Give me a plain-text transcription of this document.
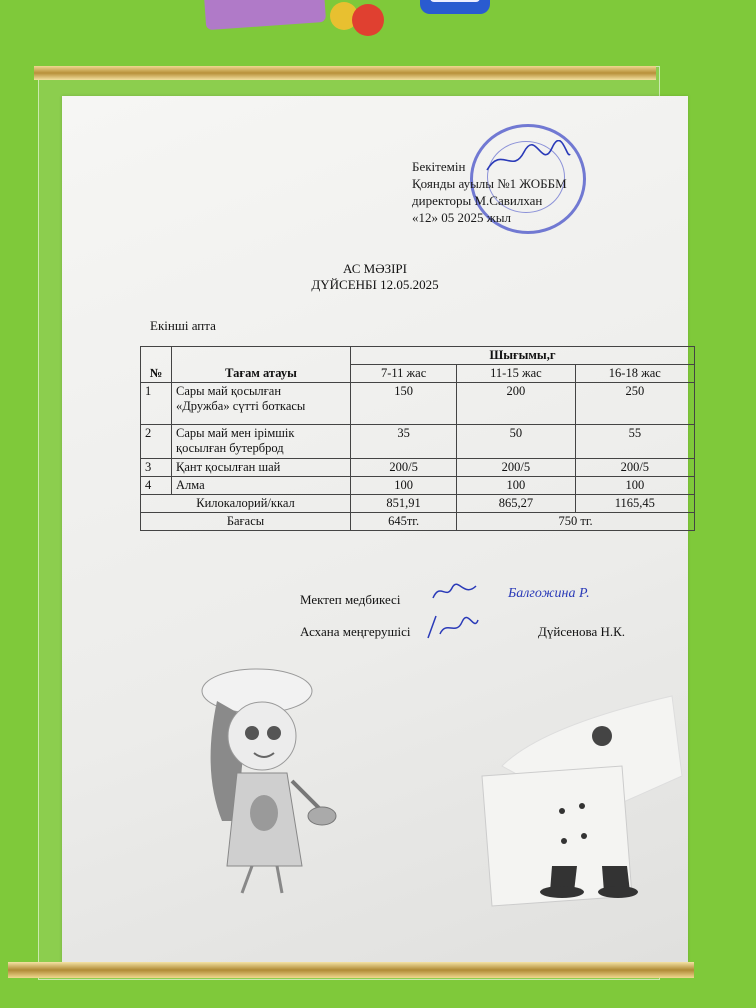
Бекітемін
Қоянды ауылы №1 ЖОББМ
директоры М.Савилхан
«12» 05 2025 жыл
АС МӘЗІРІ
ДҮЙСЕНБІ 12.05.2025
Екінші апта
№	Тағам атауы	Шығымы,г		
		7-11 жас	11-15 жас	16-18 жас
1	Сары май қосылған
«Дружба» сүтті боткасы	150	200	250
2	Сары май мен ірімшік
қосылған бутерброд	35	50	55
3	Қант қосылған шай	200/5	200/5	200/5
4	Алма	100	100	100
Килокалорий/ккал		851,91	865,27	1165,45
Бағасы		645тг.	750 тг.	
Мектеп медбикесі	Балгожина Р.
Асхана меңгерушісі	Дүйсенова Н.К.
